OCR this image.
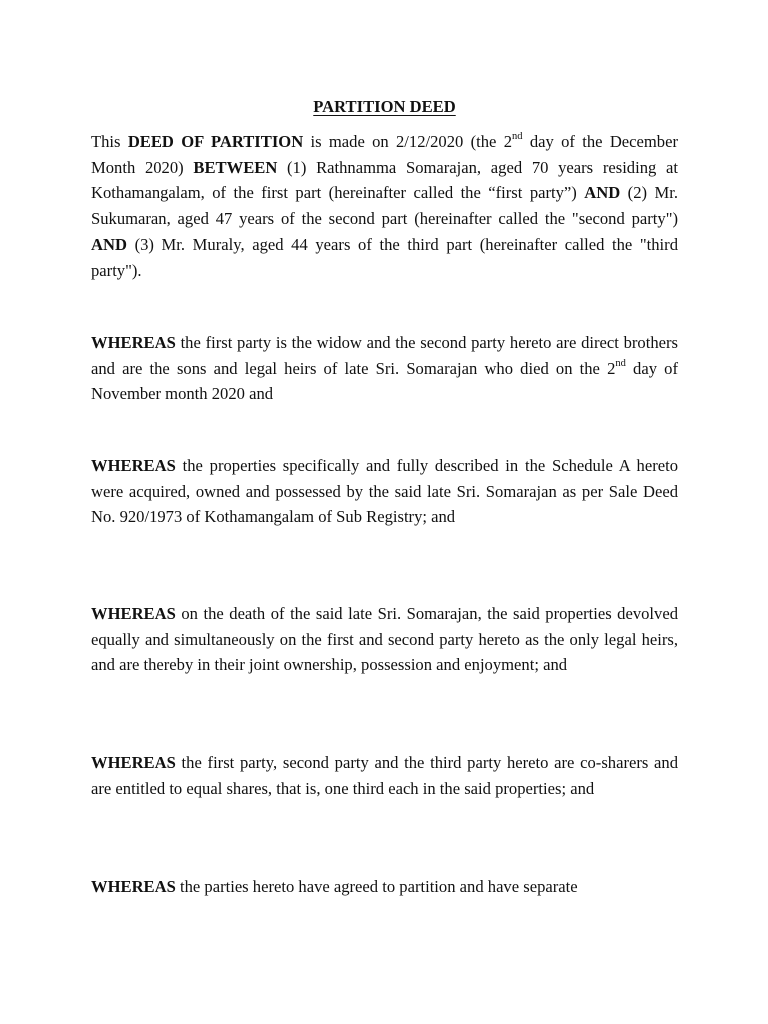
PARTITION DEED

This DEED OF PARTITION is made on 2/12/2020 (the 2nd day of the December Month 2020) BETWEEN (1) Rathnamma Somarajan, aged 70 years residing at Kothamangalam, of the first part (hereinafter called the “first party”) AND (2) Mr. Sukumaran, aged 47 years of the second part (hereinafter called the "second party") AND (3) Mr. Muraly, aged 44 years of the third part (hereinafter called the "third party").

WHEREAS the first party is the widow and the second party hereto are direct brothers and are the sons and legal heirs of late Sri. Somarajan who died on the 2nd day of November month 2020 and

WHEREAS the properties specifically and fully described in the Schedule A hereto were acquired, owned and possessed by the said late Sri. Somarajan as per Sale Deed No. 920/1973 of Kothamangalam of Sub Registry; and

WHEREAS on the death of the said late Sri. Somarajan, the said properties devolved equally and simultaneously on the first and second party hereto as the only legal heirs, and are thereby in their joint ownership, possession and enjoyment; and

WHEREAS the first party, second party and the third party hereto are co-sharers and are entitled to equal shares, that is, one third each in the said properties; and

WHEREAS the parties hereto have agreed to partition and have separate
